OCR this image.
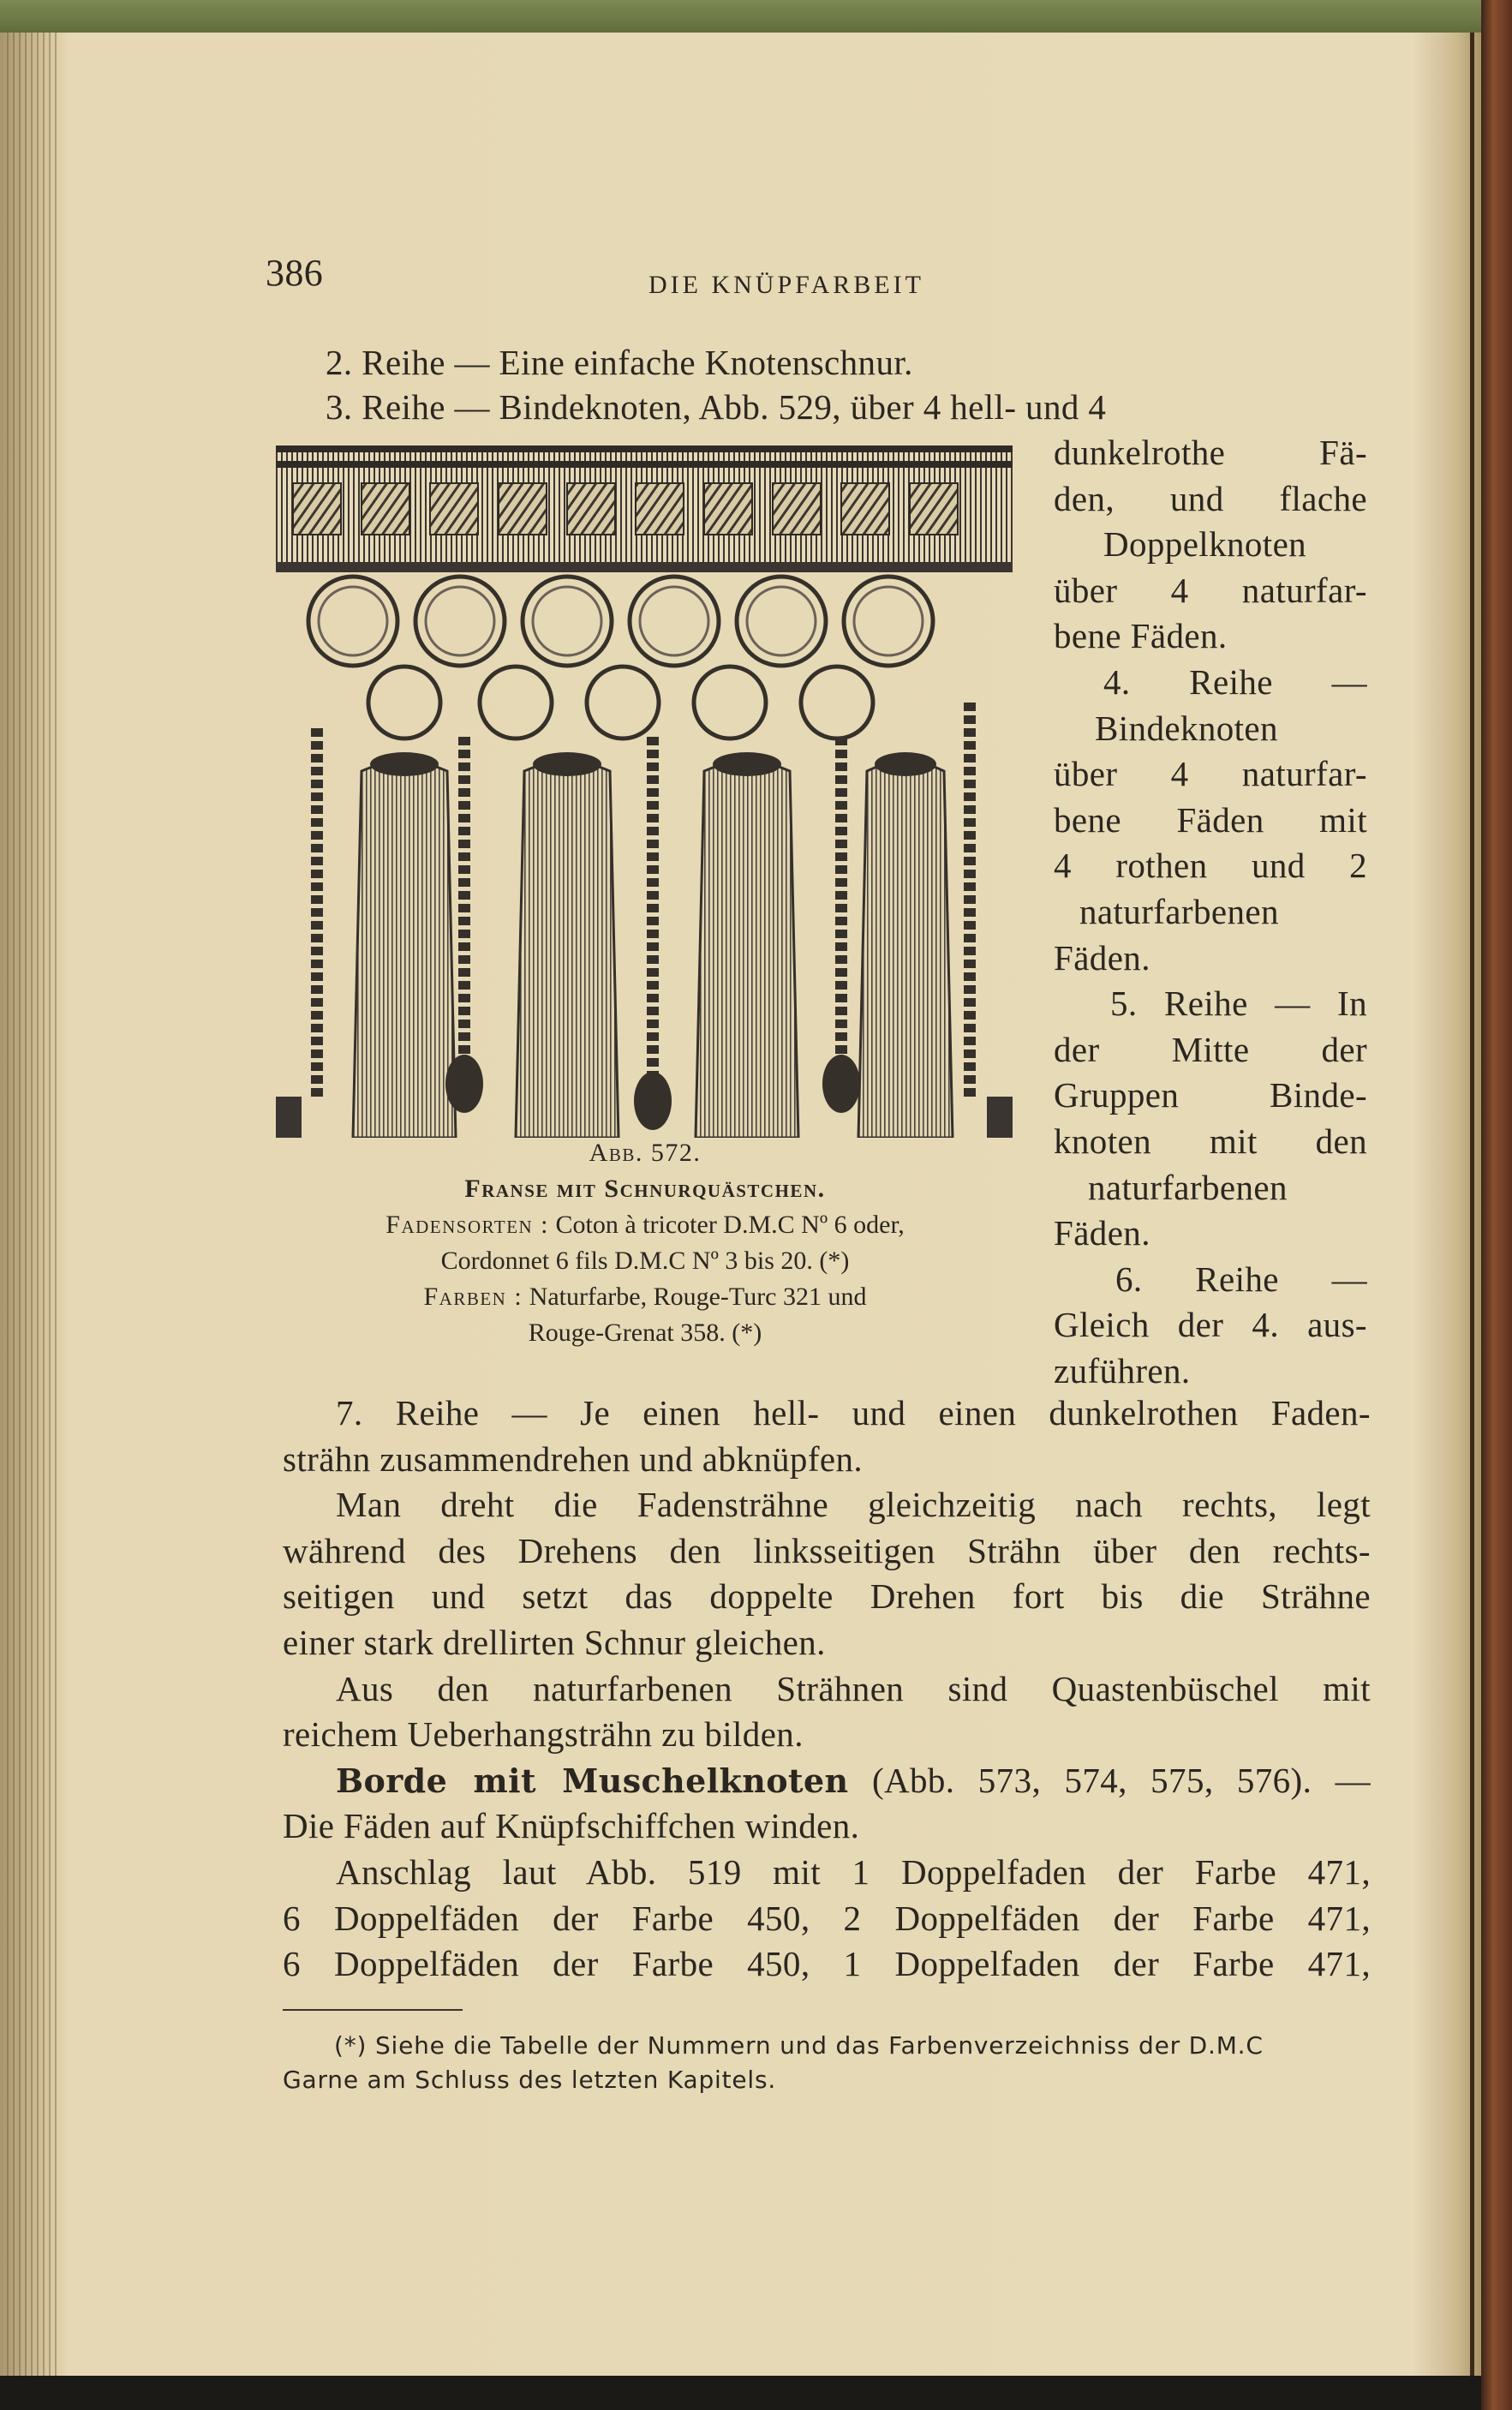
386	DIE KNÜPFARBEIT
2. Reihe — Eine einfache Knotenschnur.
3. Reihe — Bindeknoten, Abb. 529, über 4 hell- und 4
dunkelrothe Fä-
den, und flache
Doppelknoten
über 4 naturfar-
bene Fäden.
4. Reihe —
Bindeknoten
über 4 naturfar-
bene Fäden mit
4 rothen und 2
naturfarbenen
Fäden.
5. Reihe — In
der Mitte der
Gruppen Binde-
knoten mit den
naturfarbenen
Fäden.
6. Reihe —
Gleich der 4. aus-
zuführen.
Abb. 572.
Franse mit Schnurquästchen.
Fadensorten : Coton à tricoter D.M.C Nº 6 oder,
Cordonnet 6 fils D.M.C Nº 3 bis 20. (*)
Farben : Naturfarbe, Rouge-Turc 321 und
Rouge-Grenat 358. (*)
7. Reihe — Je einen hell- und einen dunkelrothen Faden-
strähn zusammendrehen und abknüpfen.
Man dreht die Fadensträhne gleichzeitig nach rechts, legt
während des Drehens den linksseitigen Strähn über den rechts-
seitigen und setzt das doppelte Drehen fort bis die Strähne
einer stark drellirten Schnur gleichen.
Aus den naturfarbenen Strähnen sind Quastenbüschel mit
reichem Ueberhangsträhn zu bilden.
Borde mit Muschelknoten (Abb. 573, 574, 575, 576). —
Die Fäden auf Knüpfschiffchen winden.
Anschlag laut Abb. 519 mit 1 Doppelfaden der Farbe 471,
6 Doppelfäden der Farbe 450, 2 Doppelfäden der Farbe 471,
6 Doppelfäden der Farbe 450, 1 Doppelfaden der Farbe 471,
(*) Siehe die Tabelle der Nummern und das Farbenverzeichniss der D.M.C
Garne am Schluss des letzten Kapitels.
